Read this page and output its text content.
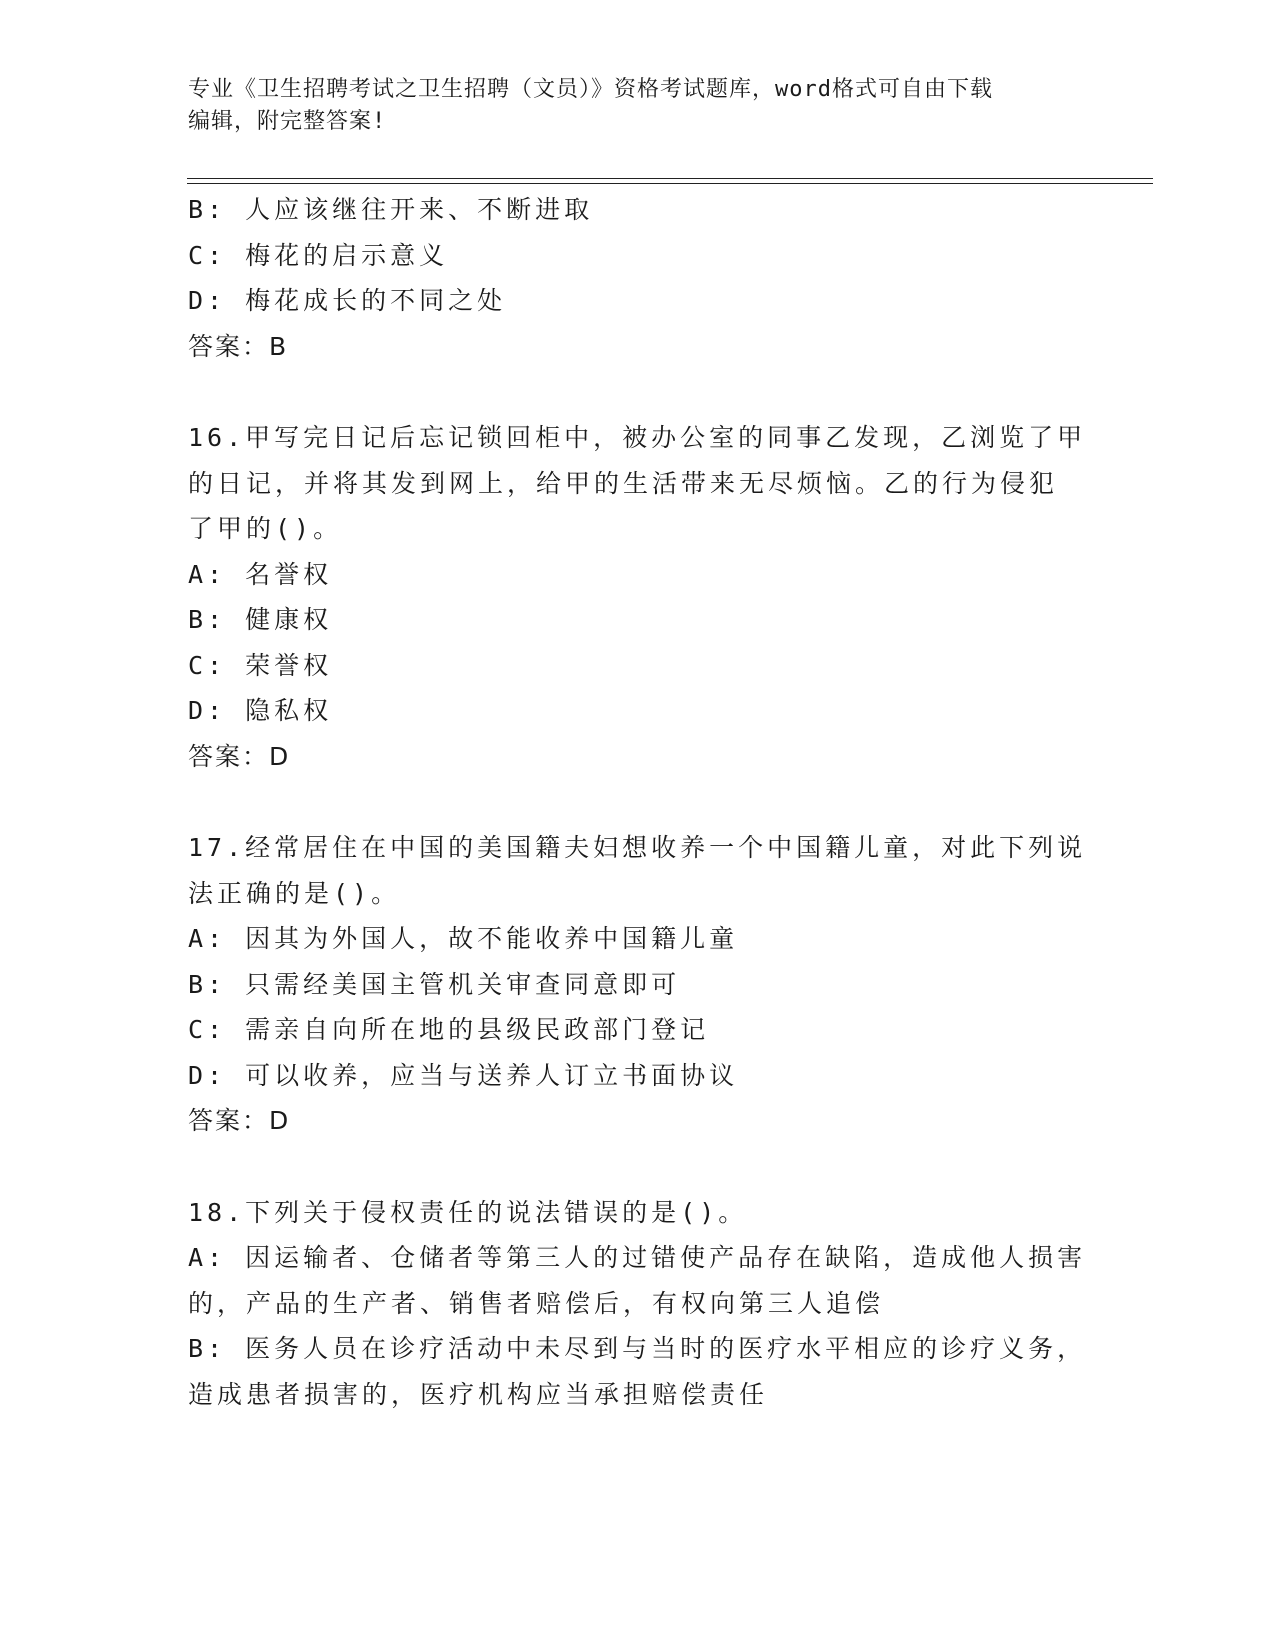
专业《卫生招聘考试之卫生招聘（文员）》资格考试题库，word格式可自由下载
编辑，附完整答案!
B: 人应该继往开来、不断进取
C: 梅花的启示意义
D: 梅花成长的不同之处
答案：B
16.甲写完日记后忘记锁回柜中，被办公室的同事乙发现，乙浏览了甲
的日记，并将其发到网上，给甲的生活带来无尽烦恼。乙的行为侵犯
了甲的()。
A: 名誉权
B: 健康权
C: 荣誉权
D: 隐私权
答案：D
17.经常居住在中国的美国籍夫妇想收养一个中国籍儿童，对此下列说
法正确的是()。
A: 因其为外国人，故不能收养中国籍儿童
B: 只需经美国主管机关审查同意即可
C: 需亲自向所在地的县级民政部门登记
D: 可以收养，应当与送养人订立书面协议
答案：D
18.下列关于侵权责任的说法错误的是()。
A: 因运输者、仓储者等第三人的过错使产品存在缺陷，造成他人损害
的，产品的生产者、销售者赔偿后，有权向第三人追偿
B: 医务人员在诊疗活动中未尽到与当时的医疗水平相应的诊疗义务，
造成患者损害的，医疗机构应当承担赔偿责任
